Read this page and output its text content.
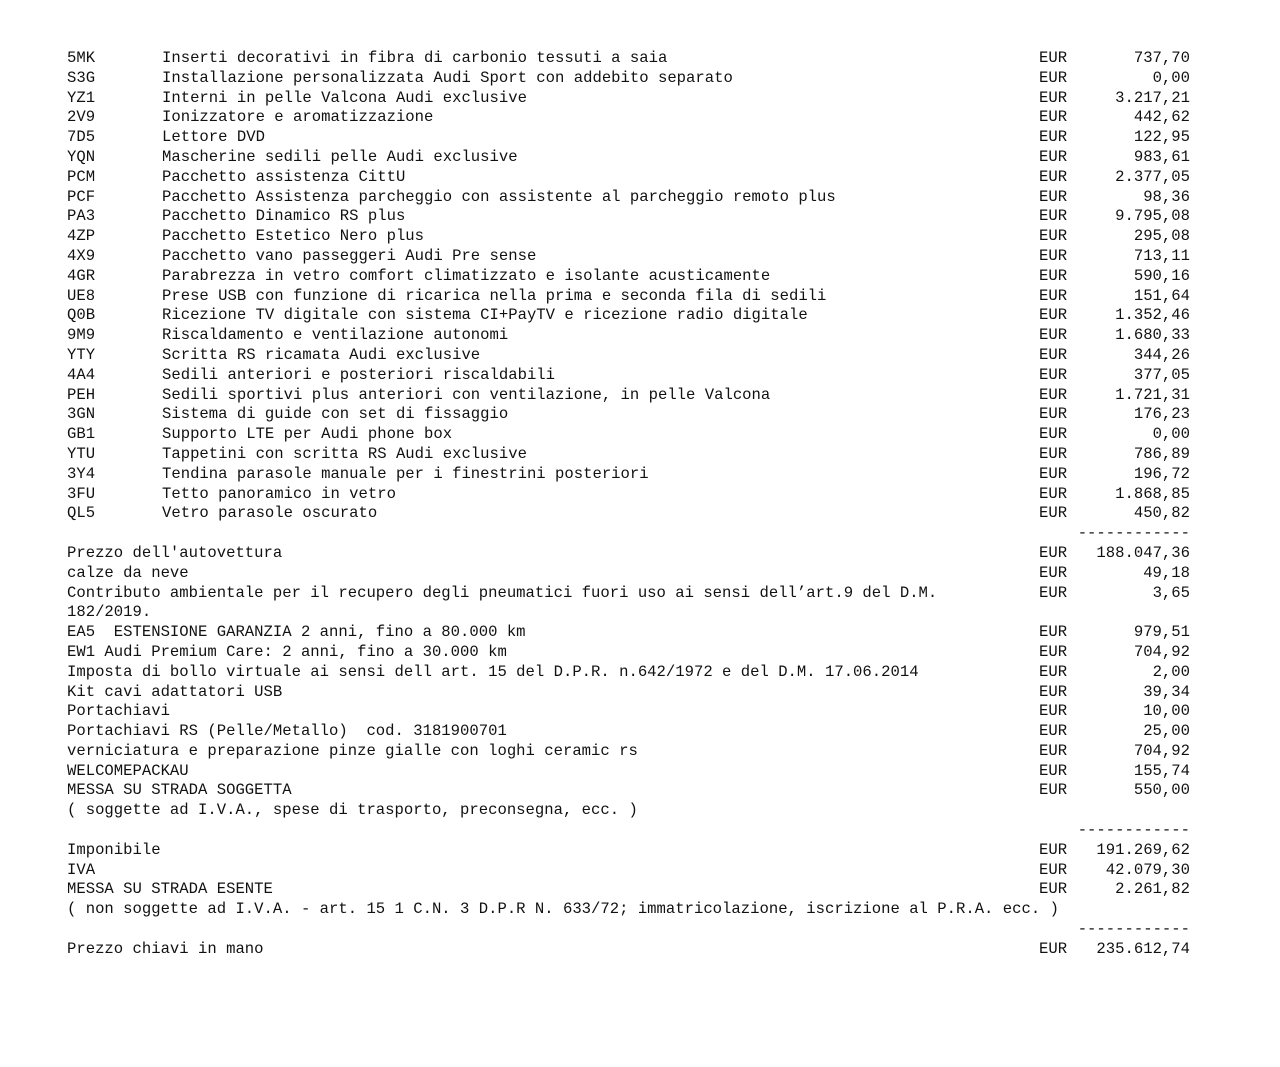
5MK	Inserti decorativi in fibra di carbonio tessuti a saia	EUR	737,70
S3G	Installazione personalizzata Audi Sport con addebito separato	EUR	0,00
YZ1	Interni in pelle Valcona Audi exclusive	EUR	3.217,21
2V9	Ionizzatore e aromatizzazione	EUR	442,62
7D5	Lettore DVD	EUR	122,95
YQN	Mascherine sedili pelle Audi exclusive	EUR	983,61
PCM	Pacchetto assistenza CittU	EUR	2.377,05
PCF	Pacchetto Assistenza parcheggio con assistente al parcheggio remoto plus	EUR	98,36
PA3	Pacchetto Dinamico RS plus	EUR	9.795,08
4ZP	Pacchetto Estetico Nero plus	EUR	295,08
4X9	Pacchetto vano passeggeri Audi Pre sense	EUR	713,11
4GR	Parabrezza in vetro comfort climatizzato e isolante acusticamente	EUR	590,16
UE8	Prese USB con funzione di ricarica nella prima e seconda fila di sedili	EUR	151,64
Q0B	Ricezione TV digitale con sistema CI+PayTV e ricezione radio digitale	EUR	1.352,46
9M9	Riscaldamento e ventilazione autonomi	EUR	1.680,33
YTY	Scritta RS ricamata Audi exclusive	EUR	344,26
4A4	Sedili anteriori e posteriori riscaldabili	EUR	377,05
PEH	Sedili sportivi plus anteriori con ventilazione, in pelle Valcona	EUR	1.721,31
3GN	Sistema di guide con set di fissaggio	EUR	176,23
GB1	Supporto LTE per Audi phone box	EUR	0,00
YTU	Tappetini con scritta RS Audi exclusive	EUR	786,89
3Y4	Tendina parasole manuale per i finestrini posteriori	EUR	196,72
3FU	Tetto panoramico in vetro	EUR	1.868,85
QL5	Vetro parasole oscurato	EUR	450,82
------------
Prezzo dell'autovettura	EUR 188.047,36
calze da neve	EUR	49,18
Contributo ambientale per il recupero degli pneumatici fuori uso ai sensi dell’art.9 del D.M.	EUR	3,65
182/2019.
EA5  ESTENSIONE GARANZIA 2 anni, fino a 80.000 km	EUR	979,51
EW1 Audi Premium Care: 2 anni, fino a 30.000 km	EUR	704,92
Imposta di bollo virtuale ai sensi dell art. 15 del D.P.R. n.642/1972 e del D.M. 17.06.2014	EUR	2,00
Kit cavi adattatori USB	EUR	39,34
Portachiavi	EUR	10,00
Portachiavi RS (Pelle/Metallo)  cod. 3181900701	EUR	25,00
verniciatura e preparazione pinze gialle con loghi ceramic rs	EUR	704,92
WELCOMEPACKAU	EUR	155,74
MESSA SU STRADA SOGGETTA	EUR	550,00
( soggette ad I.V.A., spese di trasporto, preconsegna, ecc. )
------------
Imponibile	EUR 191.269,62
IVA	EUR 42.079,30
MESSA SU STRADA ESENTE	EUR	2.261,82
( non soggette ad I.V.A. - art. 15 1 C.N. 3 D.P.R N. 633/72; immatricolazione, iscrizione al P.R.A. ecc. )
------------
Prezzo chiavi in mano	EUR 235.612,74
